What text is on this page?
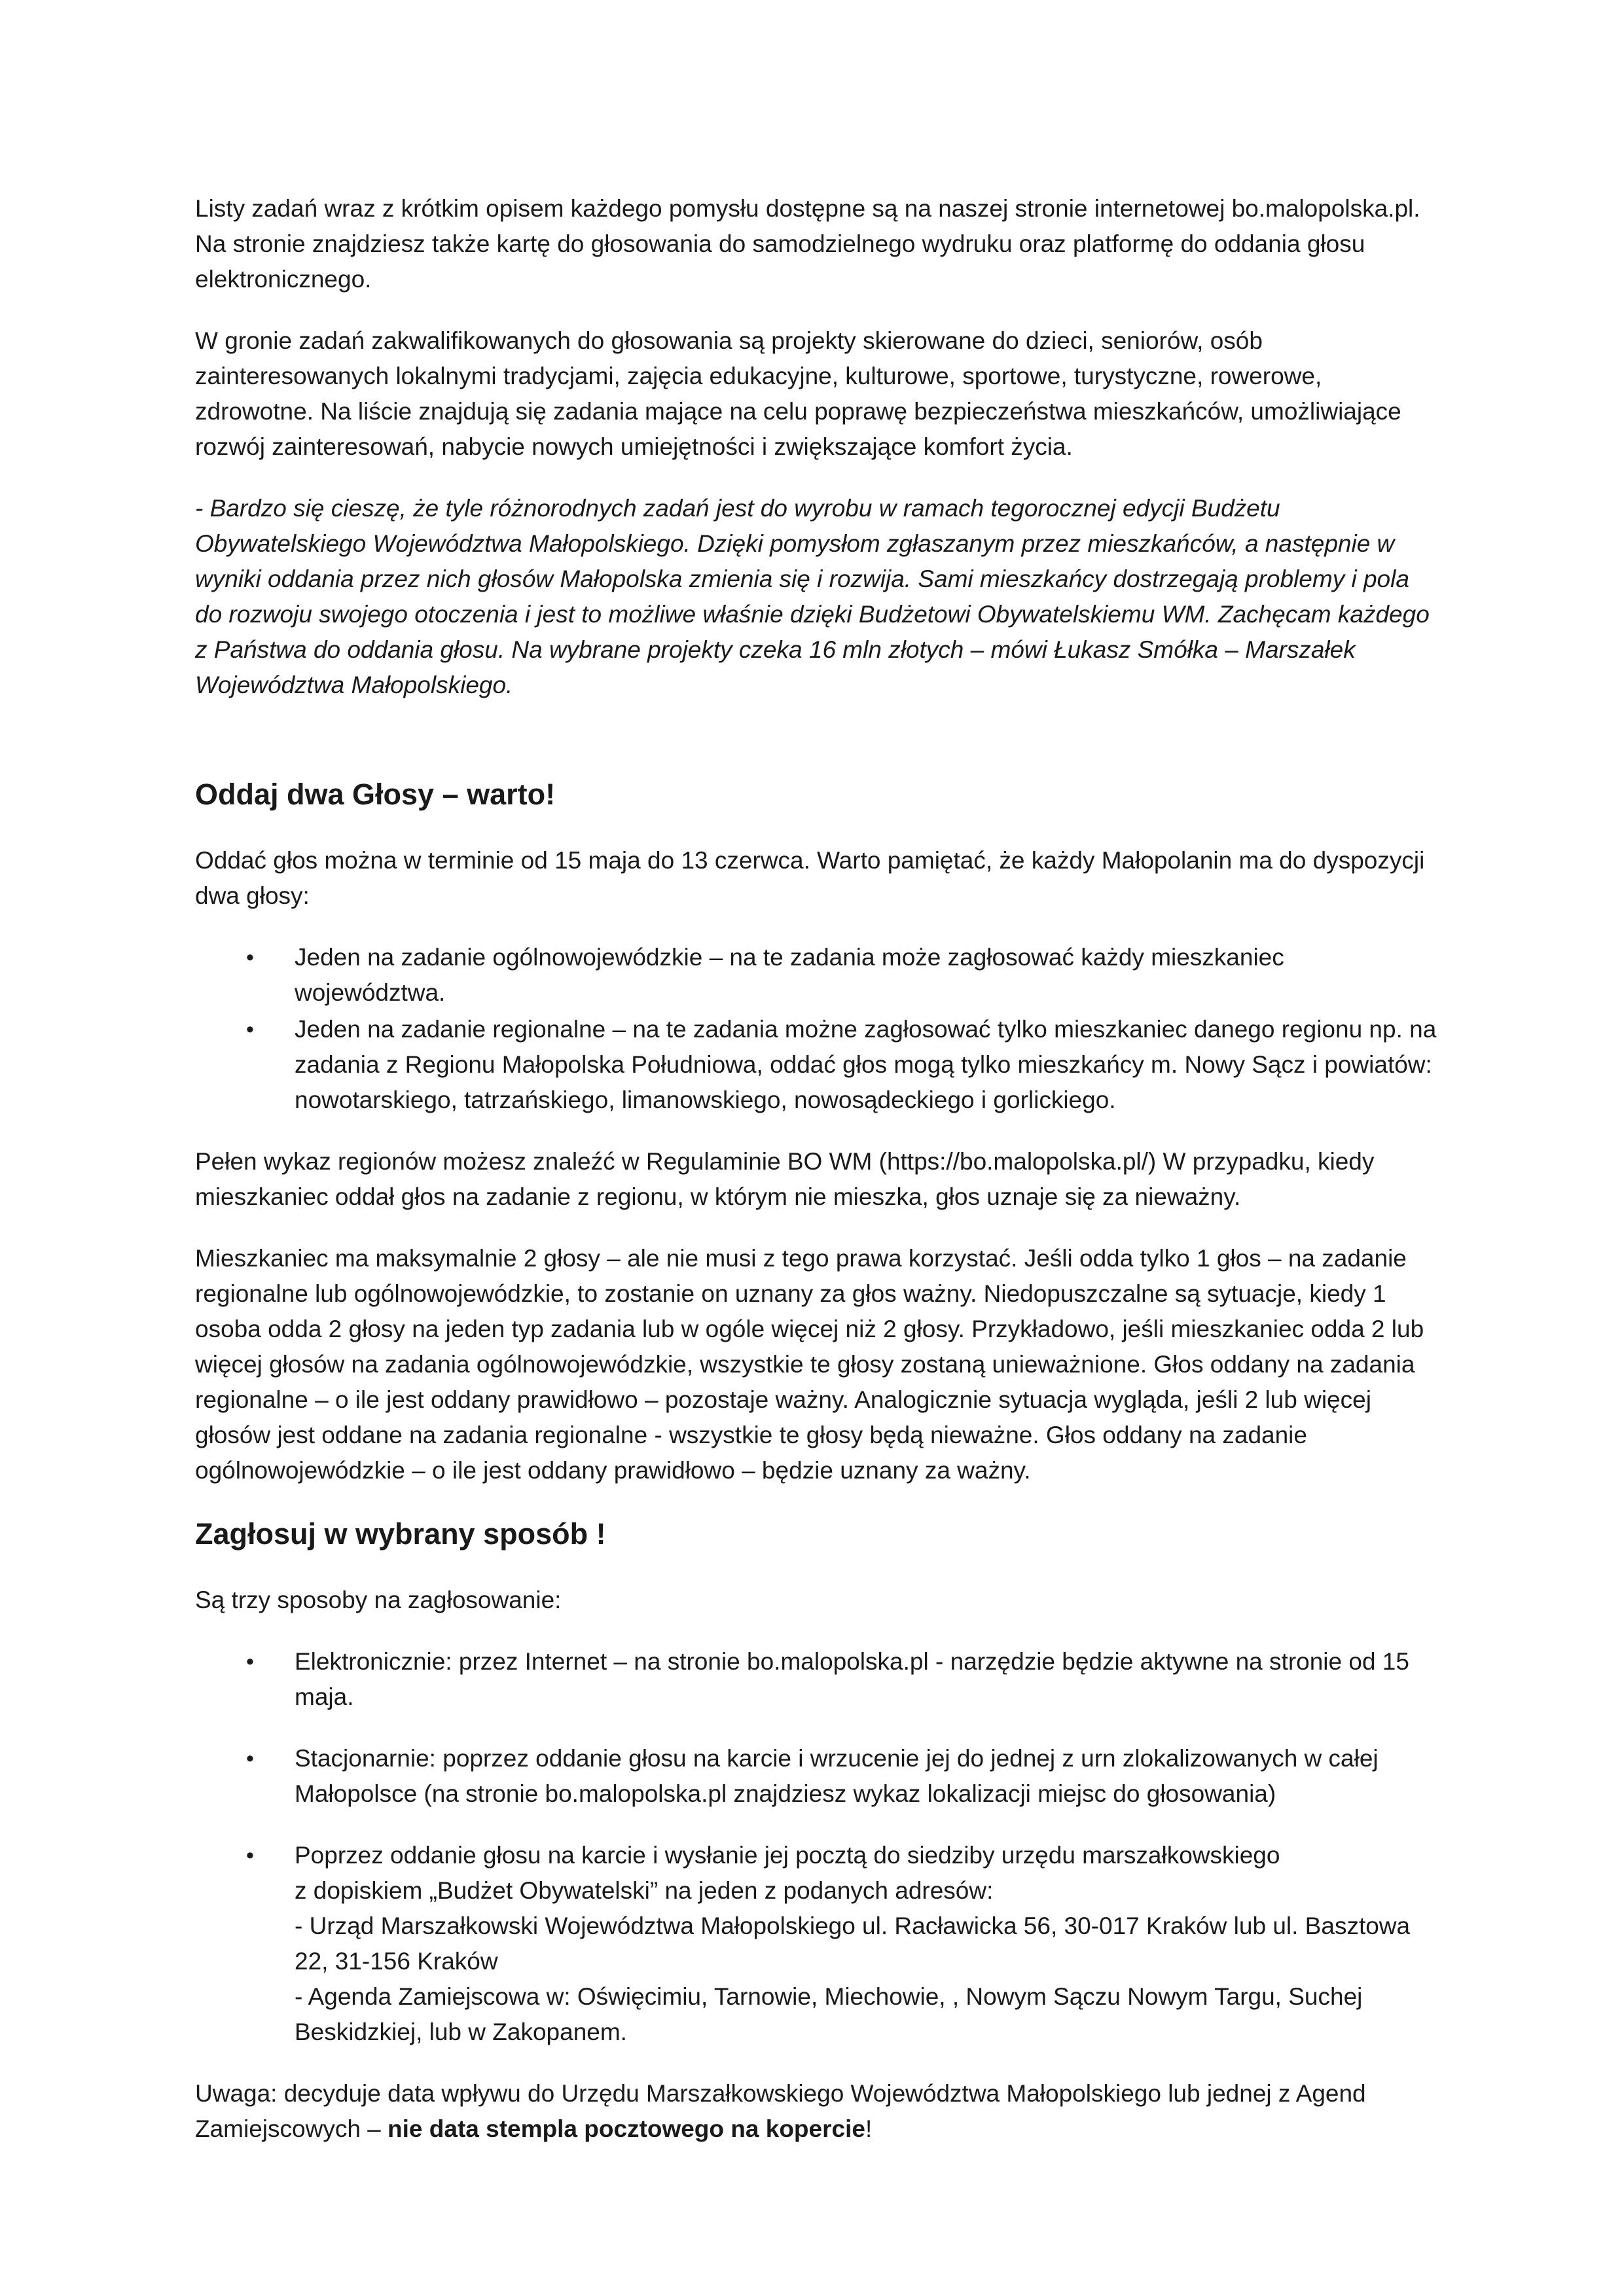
Listy zadań wraz z krótkim opisem każdego pomysłu dostępne są na naszej stronie internetowej bo.malopolska.pl. Na stronie znajdziesz także kartę do głosowania do samodzielnego wydruku oraz platformę do oddania głosu elektronicznego.

W gronie zadań zakwalifikowanych do głosowania są projekty skierowane do dzieci, seniorów, osób zainteresowanych lokalnymi tradycjami, zajęcia edukacyjne, kulturowe, sportowe, turystyczne, rowerowe, zdrowotne. Na liście znajdują się zadania mające na celu poprawę bezpieczeństwa mieszkańców, umożliwiające rozwój zainteresowań, nabycie nowych umiejętności i zwiększające komfort życia.

- Bardzo się cieszę, że tyle różnorodnych zadań jest do wyrobu w ramach tegorocznej edycji Budżetu Obywatelskiego Województwa Małopolskiego. Dzięki pomysłom zgłaszanym przez mieszkańców, a następnie w wyniki oddania przez nich głosów Małopolska zmienia się i rozwija. Sami mieszkańcy dostrzegają problemy i pola do rozwoju swojego otoczenia i jest to możliwe właśnie dzięki Budżetowi Obywatelskiemu WM. Zachęcam każdego z Państwa do oddania głosu. Na wybrane projekty czeka 16 mln złotych – mówi Łukasz Smółka – Marszałek Województwa Małopolskiego.

Oddaj dwa Głosy – warto!

Oddać głos można w terminie od 15 maja do 13 czerwca. Warto pamiętać, że każdy Małopolanin ma do dyspozycji dwa głosy:

• Jeden na zadanie ogólnowojewódzkie – na te zadania może zagłosować każdy mieszkaniec województwa.
• Jeden na zadanie regionalne – na te zadania możne zagłosować tylko mieszkaniec danego regionu np. na zadania z Regionu Małopolska Południowa, oddać głos mogą tylko mieszkańcy m. Nowy Sącz i powiatów: nowotarskiego, tatrzańskiego, limanowskiego, nowosądeckiego i gorlickiego.

Pełen wykaz regionów możesz znaleźć w Regulaminie BO WM (https://bo.malopolska.pl/) W przypadku, kiedy mieszkaniec oddał głos na zadanie z regionu, w którym nie mieszka, głos uznaje się za nieważny.

Mieszkaniec ma maksymalnie 2 głosy – ale nie musi z tego prawa korzystać. Jeśli odda tylko 1 głos – na zadanie regionalne lub ogólnowojewódzkie, to zostanie on uznany za głos ważny. Niedopuszczalne są sytuacje, kiedy 1 osoba odda 2 głosy na jeden typ zadania lub w ogóle więcej niż 2 głosy. Przykładowo, jeśli mieszkaniec odda 2 lub więcej głosów na zadania ogólnowojewódzkie, wszystkie te głosy zostaną unieważnione. Głos oddany na zadania regionalne – o ile jest oddany prawidłowo – pozostaje ważny. Analogicznie sytuacja wygląda, jeśli 2 lub więcej głosów jest oddane na zadania regionalne - wszystkie te głosy będą nieważne. Głos oddany na zadanie ogólnowojewódzkie – o ile jest oddany prawidłowo – będzie uznany za ważny.

Zagłosuj w wybrany sposób !

Są trzy sposoby na zagłosowanie:

• Elektronicznie: przez Internet – na stronie bo.malopolska.pl - narzędzie będzie aktywne na stronie od 15 maja.
• Stacjonarnie: poprzez oddanie głosu na karcie i wrzucenie jej do jednej z urn zlokalizowanych w całej Małopolsce (na stronie bo.malopolska.pl znajdziesz wykaz lokalizacji miejsc do głosowania)
• Poprzez oddanie głosu na karcie i wysłanie jej pocztą do siedziby urzędu marszałkowskiego
z dopiskiem „Budżet Obywatelski” na jeden z podanych adresów:
- Urząd Marszałkowski Województwa Małopolskiego ul. Racławicka 56, 30-017 Kraków lub ul. Basztowa 22, 31-156 Kraków
- Agenda Zamiejscowa w: Oświęcimiu, Tarnowie, Miechowie, , Nowym Sączu Nowym Targu, Suchej Beskidzkiej, lub w Zakopanem.

Uwaga: decyduje data wpływu do Urzędu Marszałkowskiego Województwa Małopolskiego lub jednej z Agend Zamiejscowych – nie data stempla pocztowego na kopercie!
